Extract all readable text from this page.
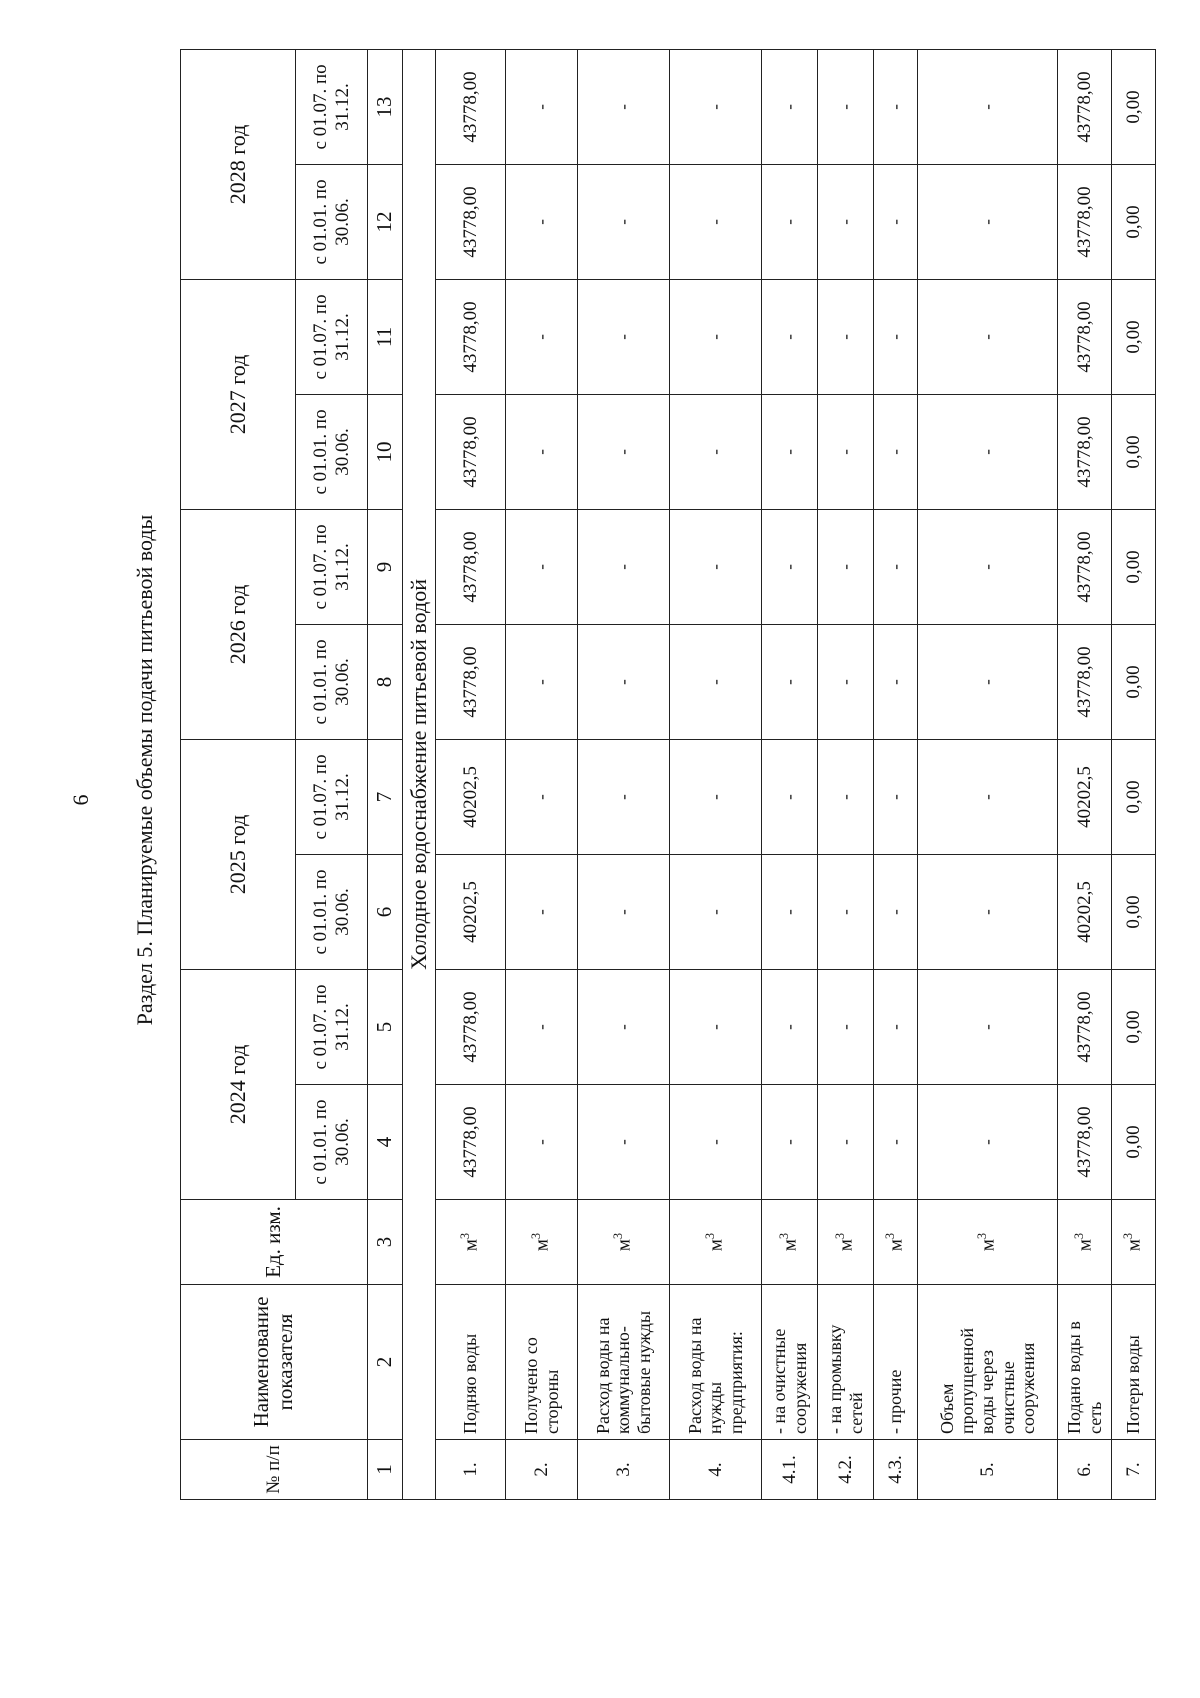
6 Раздел 5. Планируемые объемы подачи питьевой воды
№ п/п	Наименование показателя	Ед. изм.	2024 год		2025 год		2026 год		2027 год		2028 год	
			с 01.01. по 30.06.	с 01.07. по 31.12.	с 01.01. по 30.06.	с 01.07. по 31.12.	с 01.01. по 30.06.	с 01.07. по 31.12.	с 01.01. по 30.06.	с 01.07. по 31.12.	с 01.01. по 30.06.	с 01.07. по 31.12.
1	2	3	4	5	6	7	8	9	10	11	12	13
Холодное водоснабжение питьевой водой												
1.	Подняо воды	$м^3$	43778,00	43778,00	40202,5	40202,5	43778,00	43778,00	43778,00	43778,00	43778,00	43778,00
2.	Получено со стороны	$м^3$	-	-	-	-	-	-	-	-	-	-
3.	Расход воды на коммунально-бытовые нужды	$м^3$	-	-	-	-	-	-	-	-	-	-
4.	Расход воды на нужды предприятия:	$м^3$	-	-	-	-	-	-	-	-	-	-
4.1.	- на очистные сооружения	$м^3$	-	-	-	-	-	-	-	-	-	-
4.2.	- на промывку сетей	$м^3$	-	-	-	-	-	-	-	-	-	-
4.3.	- прочие	$м^3$	-	-	-	-	-	-	-	-	-	-
5.	Объем пропущенной воды через очистные сооружения	$м^3$	-	-	-	-	-	-	-	-	-	-
6.	Подано воды в сеть	$м^3$	43778,00	43778,00	40202,5	40202,5	43778,00	43778,00	43778,00	43778,00	43778,00	43778,00
7.	Потери воды	$м^3$	0,00	0,00	0,00	0,00	0,00	0,00	0,00	0,00	0,00	0,00
